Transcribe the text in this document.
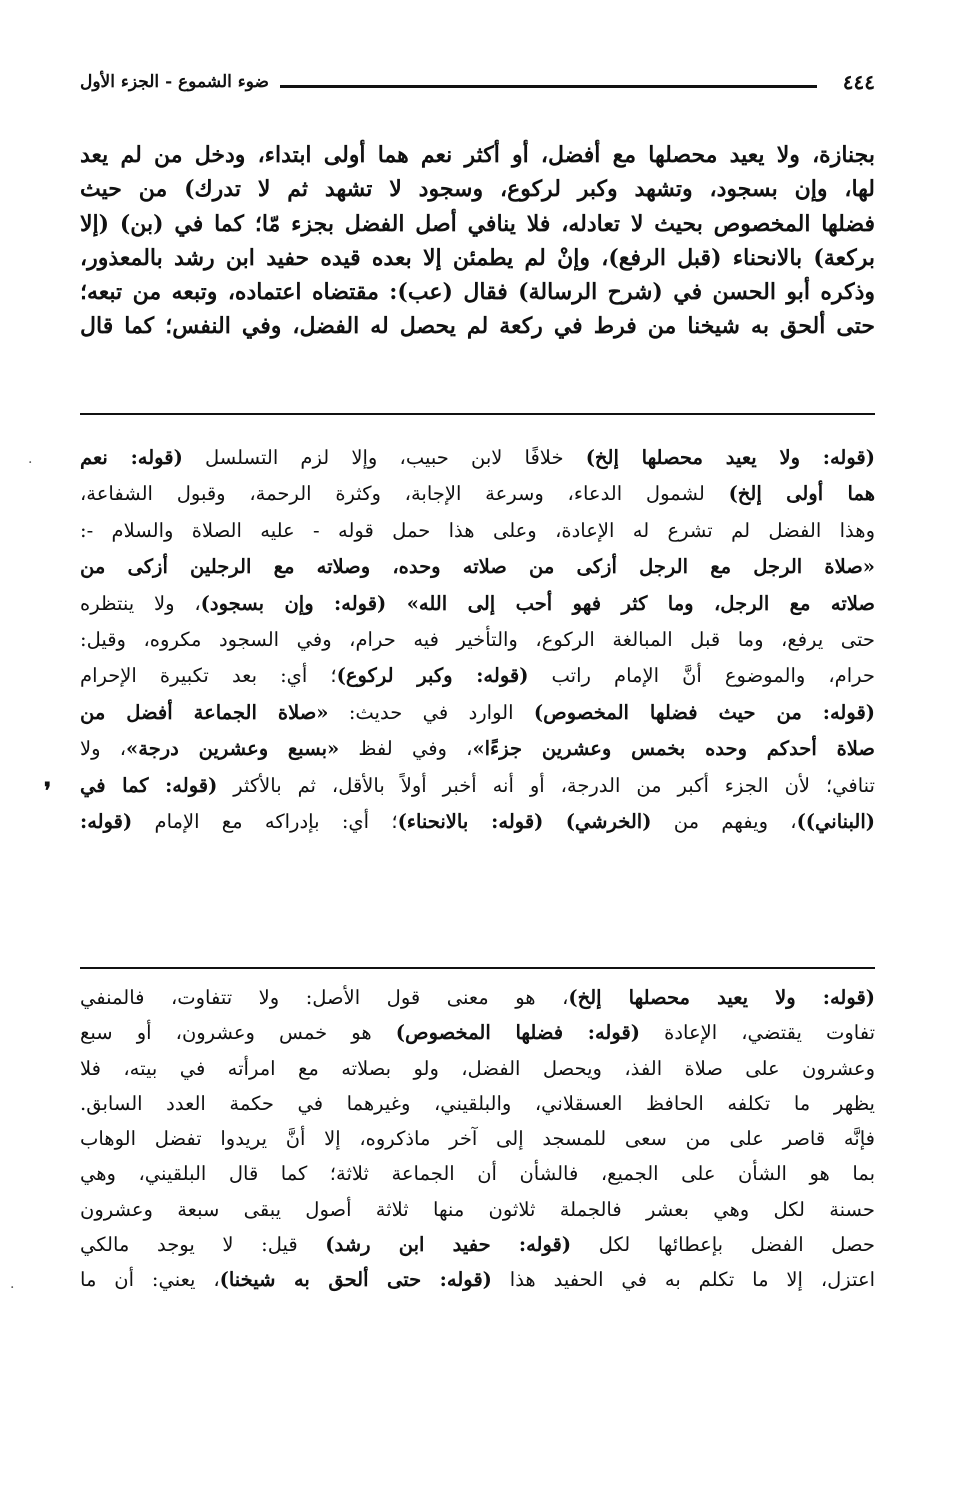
٤٤٤
ضوء الشموع - الجزء الأول
بجنازة، ولا يعيد محصلها مع أفضل، أو أكثر نعم هما أولى ابتداء، ودخل من لم يعد
لها، وإن بسجود، وتشهد وكبر لركوع، وسجود لا تشهد ثم لا تدرك) من حيث
فضلها المخصوص بحيث لا تعادله، فلا ينافي أصل الفضل بجزء مّا؛ كما في (بن) (إلا
بركعة) بالانحناء (قبل الرفع)، وإنْ لم يطمئن إلا بعده قيده حفيد ابن رشد بالمعذور،
وذكره أبو الحسن في (شرح الرسالة) فقال (عب): مقتضاه اعتماده، وتبعه من تبعه؛
حتى ألحق به شيخنا من فرط في ركعة لم يحصل له الفضل، وفي النفس؛ كما قال
(قوله: ولا يعيد محصلها إلخ) خلافًا لابن حبيب، وإلا لزم التسلسل (قوله: نعم
هما أولى إلخ) لشمول الدعاء، وسرعة الإجابة، وكثرة الرحمة، وقبول الشفاعة،
وهذا الفضل لم تشرع له الإعادة، وعلى هذا حمل قوله - عليه الصلاة والسلام -:
«صلاة الرجل مع الرجل أزكى من صلاته وحده، وصلاته مع الرجلين أزكى من
صلاته مع الرجل، وما كثر فهو أحب إلى الله» (قوله: وإن بسجود)، ولا ينتظره
حتى يرفع، وما قبل المبالغة الركوع، والتأخير فيه حرام، وفي السجود مكروه، وقيل:
حرام، والموضوع أنَّ الإمام راتب (قوله: وكبر لركوع)؛ أي: بعد تكبيرة الإحرام
(قوله: من حيث فضلها المخصوص) الوارد في حديث: «صلاة الجماعة أفضل من
صلاة أحدكم وحده بخمس وعشرين جزءًا»، وفي لفظ «بسبع وعشرين درجة»، ولا
تنافي؛ لأن الجزء أكبر من الدرجة، أو أنه أخبر أولاً بالأقل، ثم بالأكثر (قوله: كما في
(البناني))، ويفهم من (الخرشي) (قوله: بالانحناء)؛ أي: بإدراكه مع الإمام (قوله:
(قوله: ولا يعيد محصلها إلخ)، هو معنى قول الأصل: ولا تتفاوت، فالمنفي
تفاوت يقتضي، الإعادة (قوله: فضلها المخصوص) هو خمس وعشرون، أو سبع
وعشرون على صلاة الفذ، ويحصل الفضل، ولو بصلاته مع امرأته في بيته، فلا
يظهر ما تكلفه الحافظ العسقلاني، والبلقيني، وغيرهما في حكمة العدد السابق.
فإنَّه قاصر على من سعى للمسجد إلى آخر ماذكروه، إلا أنَّ يريدوا تفضل الوهاب
بما هو الشأن على الجميع، فالشأن أن الجماعة ثلاثة؛ كما قال البلقيني، وهي
حسنة لكل وهي بعشر فالجملة ثلاثون منها ثلاثة أصول يبقى سبعة وعشرون
حصل الفضل بإعطائها لكل (قوله: حفيد ابن رشد) قيل: لا يوجد مالكي
اعتزل، إلا ما تكلم به في الحفيد هذا (قوله: حتى ألحق به شيخنا)، يعني: أن ما
❜
·
·
